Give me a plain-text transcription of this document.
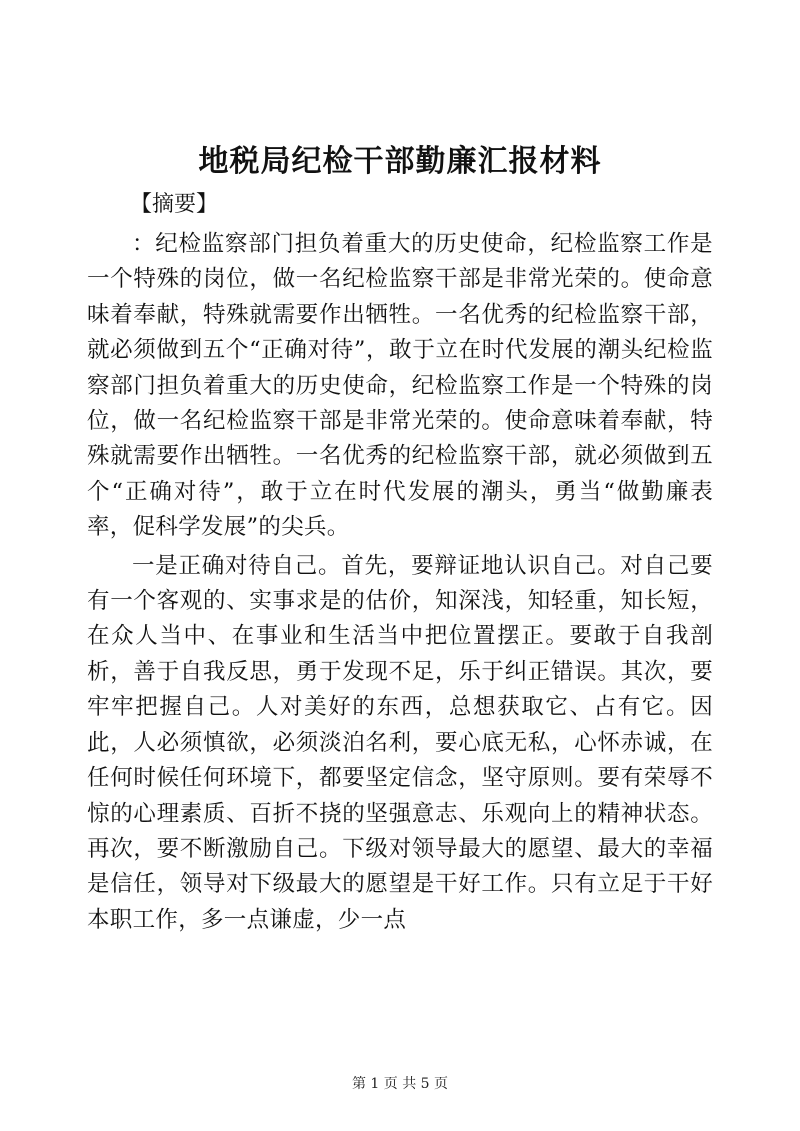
地税局纪检干部勤廉汇报材料
【摘要】

：纪检监察部门担负着重大的历史使命，纪检监察工作是一个特殊的岗位，做一名纪检监察干部是非常光荣的。使命意味着奉献，特殊就需要作出牺牲。一名优秀的纪检监察干部，就必须做到五个“正确对待”，敢于立在时代发展的潮头纪检监察部门担负着重大的历史使命，纪检监察工作是一个特殊的岗位，做一名纪检监察干部是非常光荣的。使命意味着奉献，特殊就需要作出牺牲。一名优秀的纪检监察干部，就必须做到五个“正确对待”，敢于立在时代发展的潮头，勇当“做勤廉表率，促科学发展”的尖兵。

一是正确对待自己。首先，要辩证地认识自己。对自己要有一个客观的、实事求是的估价，知深浅，知轻重，知长短，在众人当中、在事业和生活当中把位置摆正。要敢于自我剖析，善于自我反思，勇于发现不足，乐于纠正错误。其次，要牢牢把握自己。人对美好的东西，总想获取它、占有它。因此，人必须慎欲，必须淡泊名利，要心底无私，心怀赤诚，在任何时候任何环境下，都要坚定信念，坚守原则。要有荣辱不惊的心理素质、百折不挠的坚强意志、乐观向上的精神状态。再次，要不断激励自己。下级对领导最大的愿望、最大的幸福是信任，领导对下级最大的愿望是干好工作。只有立足于干好本职工作，多一点谦虚，少一点

第 1 页 共 5 页
